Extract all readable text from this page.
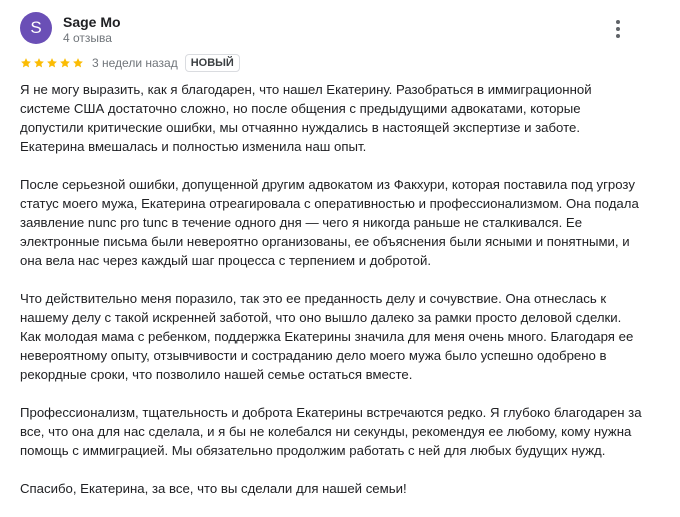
S	Sage Mo
4 отзыва
3 недели назад	НОВЫЙ

Я не могу выразить, как я благодарен, что нашел Екатерину. Разобраться в иммиграционной системе США достаточно сложно, но после общения с предыдущими адвокатами, которые допустили критические ошибки, мы отчаянно нуждались в настоящей экспертизе и заботе. Екатерина вмешалась и полностью изменила наш опыт.

После серьезной ошибки, допущенной другим адвокатом из Факхури, которая поставила под угрозу статус моего мужа, Екатерина отреагировала с оперативностью и профессионализмом. Она подала заявление nunc pro tunc в течение одного дня — чего я никогда раньше не сталкивался. Ее электронные письма были невероятно организованы, ее объяснения были ясными и понятными, и она вела нас через каждый шаг процесса с терпением и добротой.

Что действительно меня поразило, так это ее преданность делу и сочувствие. Она отнеслась к нашему делу с такой искренней заботой, что оно вышло далеко за рамки просто деловой сделки. Как молодая мама с ребенком, поддержка Екатерины значила для меня очень много. Благодаря ее невероятному опыту, отзывчивости и состраданию дело моего мужа было успешно одобрено в рекордные сроки, что позволило нашей семье остаться вместе.

Профессионализм, тщательность и доброта Екатерины встречаются редко. Я глубоко благодарен за все, что она для нас сделала, и я бы не колебался ни секунды, рекомендуя ее любому, кому нужна помощь с иммиграцией. Мы обязательно продолжим работать с ней для любых будущих нужд.

Спасибо, Екатерина, за все, что вы сделали для нашей семьи!
